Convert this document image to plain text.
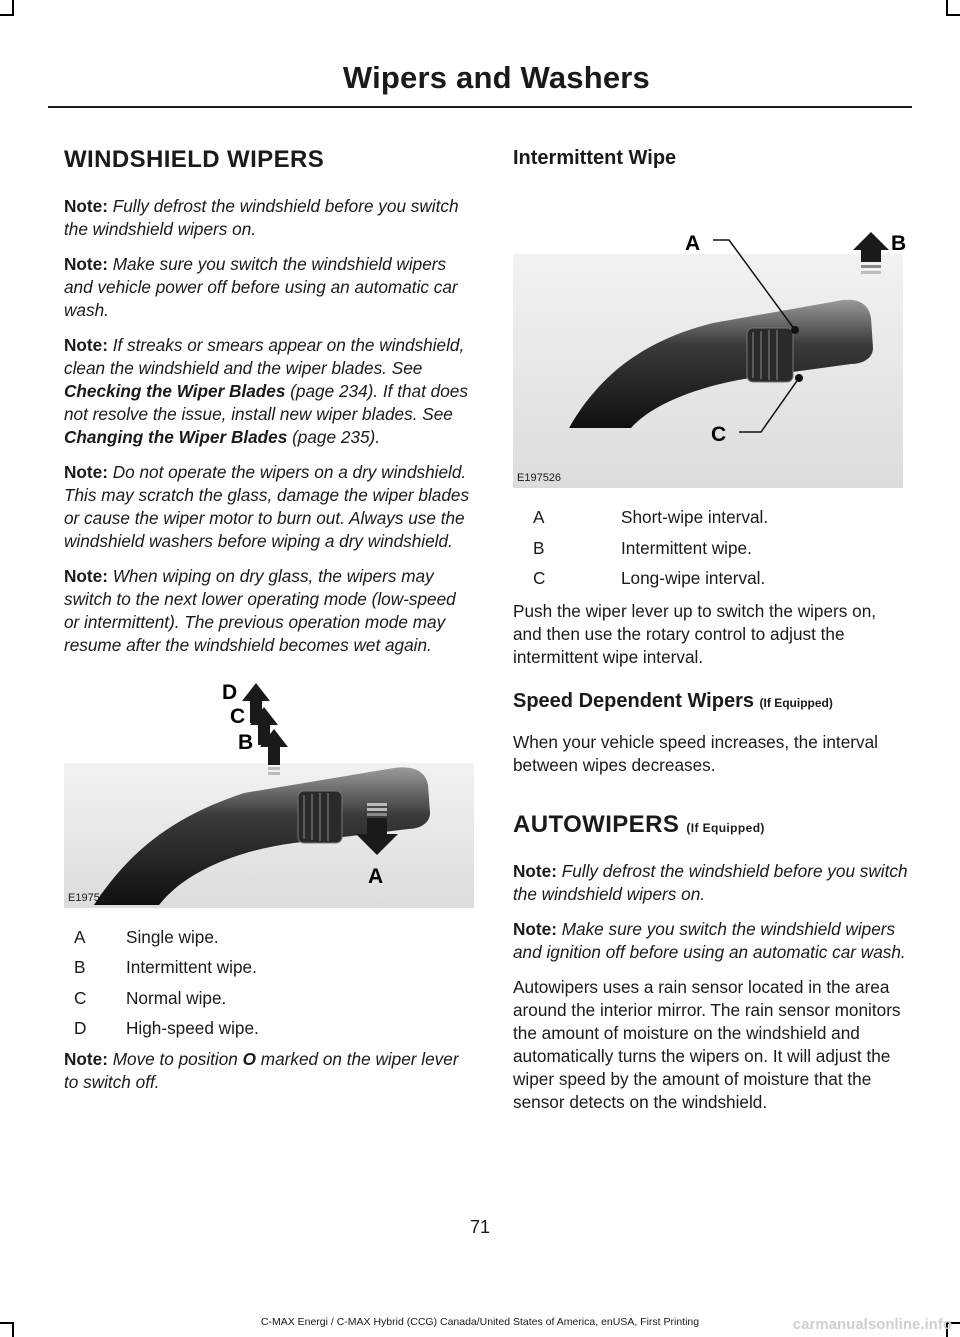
Wipers and Washers
WINDSHIELD WIPERS

Note: Fully defrost the windshield before you switch the windshield wipers on.

Note: Make sure you switch the windshield wipers and vehicle power off before using an automatic car wash.

Note: If streaks or smears appear on the windshield, clean the windshield and the wiper blades. See Checking the Wiper Blades (page 234). If that does not resolve the issue, install new wiper blades. See Changing the Wiper Blades (page 235).

Note: Do not operate the wipers on a dry windshield. This may scratch the glass, damage the wiper blades or cause the wiper motor to burn out. Always use the windshield washers before wiping a dry windshield.

Note: When wiping on dry glass, the wipers may switch to the next lower operating mode (low-speed or intermittent). The previous operation mode may resume after the windshield becomes wet again.

D
C
B
A
E197525
A	Single wipe.
B	Intermittent wipe.
C	Normal wipe.
D	High-speed wipe.

Note: Move to position O marked on the wiper lever to switch off.

Intermittent Wipe
A	B
C
E197526
A	Short-wipe interval.
B	Intermittent wipe.
C	Long-wipe interval.

Push the wiper lever up to switch the wipers on, and then use the rotary control to adjust the intermittent wipe interval.

Speed Dependent Wipers (If Equipped)

When your vehicle speed increases, the interval between wipes decreases.

AUTOWIPERS (If Equipped)

Note: Fully defrost the windshield before you switch the windshield wipers on.

Note: Make sure you switch the windshield wipers and ignition off before using an automatic car wash.

Autowipers uses a rain sensor located in the area around the interior mirror. The rain sensor monitors the amount of moisture on the windshield and automatically turns the wipers on. It will adjust the wiper speed by the amount of moisture that the sensor detects on the windshield.

71
C-MAX Energi / C-MAX Hybrid (CCG) Canada/United States of America, enUSA, First Printing	carmanualsonline.info
